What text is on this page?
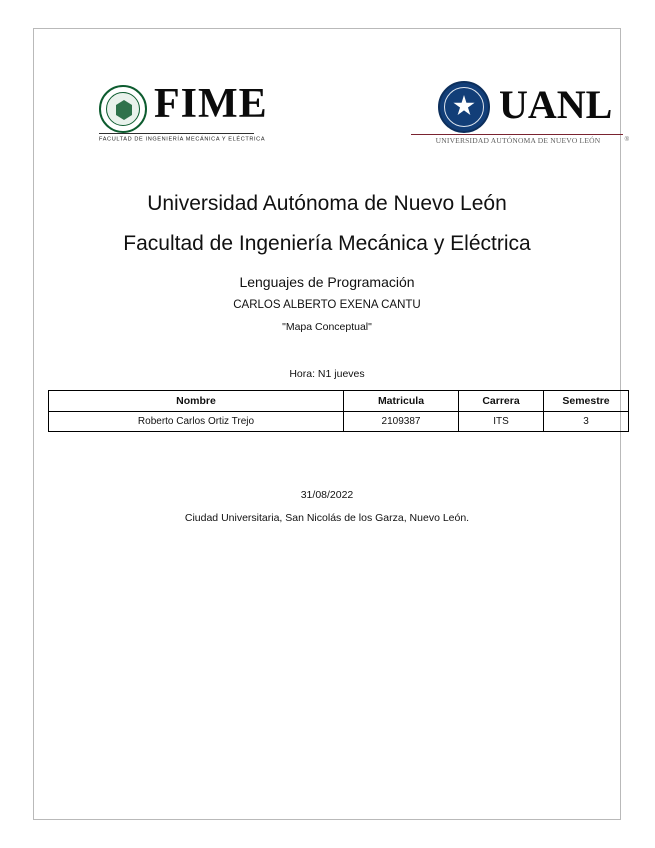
FIME
FACULTAD DE INGENIERÍA MECÁNICA Y ELÉCTRICA
UANL
UNIVERSIDAD AUTÓNOMA DE NUEVO LEÓN	®
Universidad Autónoma de Nuevo León
Facultad de Ingeniería Mecánica y Eléctrica
Lenguajes de Programación
CARLOS ALBERTO EXENA CANTU
"Mapa Conceptual"
Hora: N1 jueves
Nombre	Matricula	Carrera	Semestre
Roberto Carlos Ortiz Trejo	2109387	ITS	3
31/08/2022
Ciudad Universitaria, San Nicolás de los Garza, Nuevo León.
